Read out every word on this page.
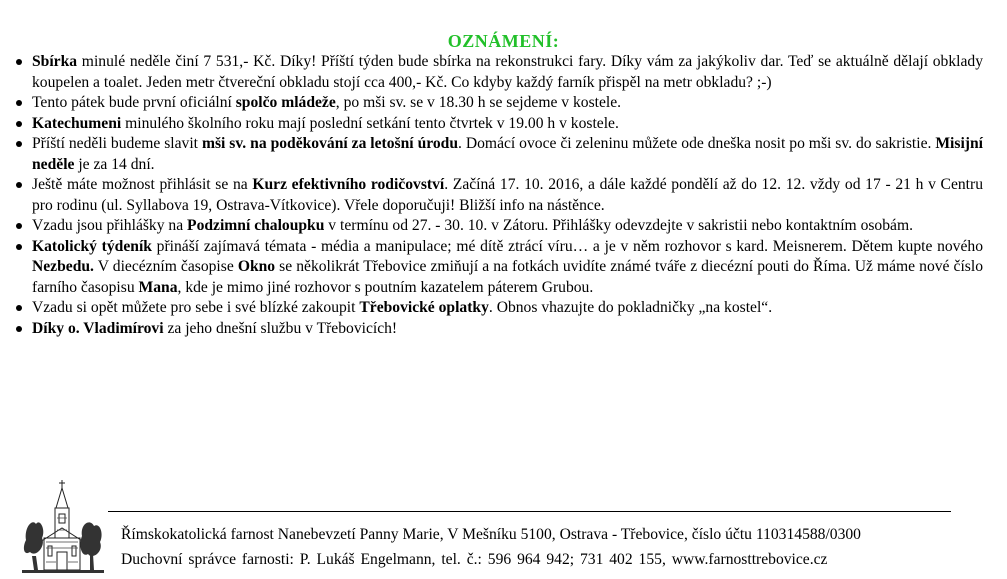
OZNÁMENÍ:
Sbírka minulé neděle činí 7 531,- Kč. Díky! Příští týden bude sbírka na rekonstrukci fary. Díky vám za jakýkoliv dar. Teď se aktuálně dělají obklady koupelen a toalet. Jeden metr čtvereční obkladu stojí cca 400,- Kč. Co kdyby každý farník přispěl na metr obkladu? ;-)
Tento pátek bude první oficiální spolčo mládeže, po mši sv. se v 18.30 h se sejdeme v kostele.
Katechumeni minulého školního roku mají poslední setkání tento čtvrtek v 19.00 h v kostele.
Příští neděli budeme slavit mši sv. na poděkování za letošní úrodu. Domácí ovoce či zeleninu můžete ode dneška nosit po mši sv. do sakristie. Misijní neděle je za 14 dní.
Ještě máte možnost přihlásit se na Kurz efektivního rodičovství. Začíná 17. 10. 2016, a dále každé pondělí až do 12. 12. vždy od 17 - 21 h v Centru pro rodinu (ul. Syllabova 19, Ostrava-Vítkovice). Vřele doporučuji! Bližší info na nástěnce.
Vzadu jsou přihlášky na Podzimní chaloupku v termínu od 27. - 30. 10. v Zátoru. Přihlášky odevzdejte v sakristii nebo kontaktním osobám.
Katolický týdeník přináší zajímavá témata - média a manipulace; mé dítě ztrácí víru… a je v něm rozhovor s kard. Meisnerem. Dětem kupte nového Nezbedu. V diecézním časopise Okno se několikrát Třebovice zmiňují a na fotkách uvidíte známé tváře z diecézní pouti do Říma. Už máme nové číslo farního časopisu Mana, kde je mimo jiné rozhovor s poutním kazatelem páterem Grubou.
Vzadu si opět můžete pro sebe i své blízké zakoupit Třebovické oplatky. Obnos vhazujte do pokladničky „na kostel“.
Díky o. Vladimírovi za jeho dnešní službu v Třebovicích!
Římskokatolická farnost Nanebevzetí Panny Marie, V Mešníku 5100, Ostrava - Třebovice, číslo účtu 110314588/0300
Duchovní správce farnosti: P. Lukáš Engelmann, tel. č.: 596 964 942; 731 402 155, www.farnosttrebovice.cz
